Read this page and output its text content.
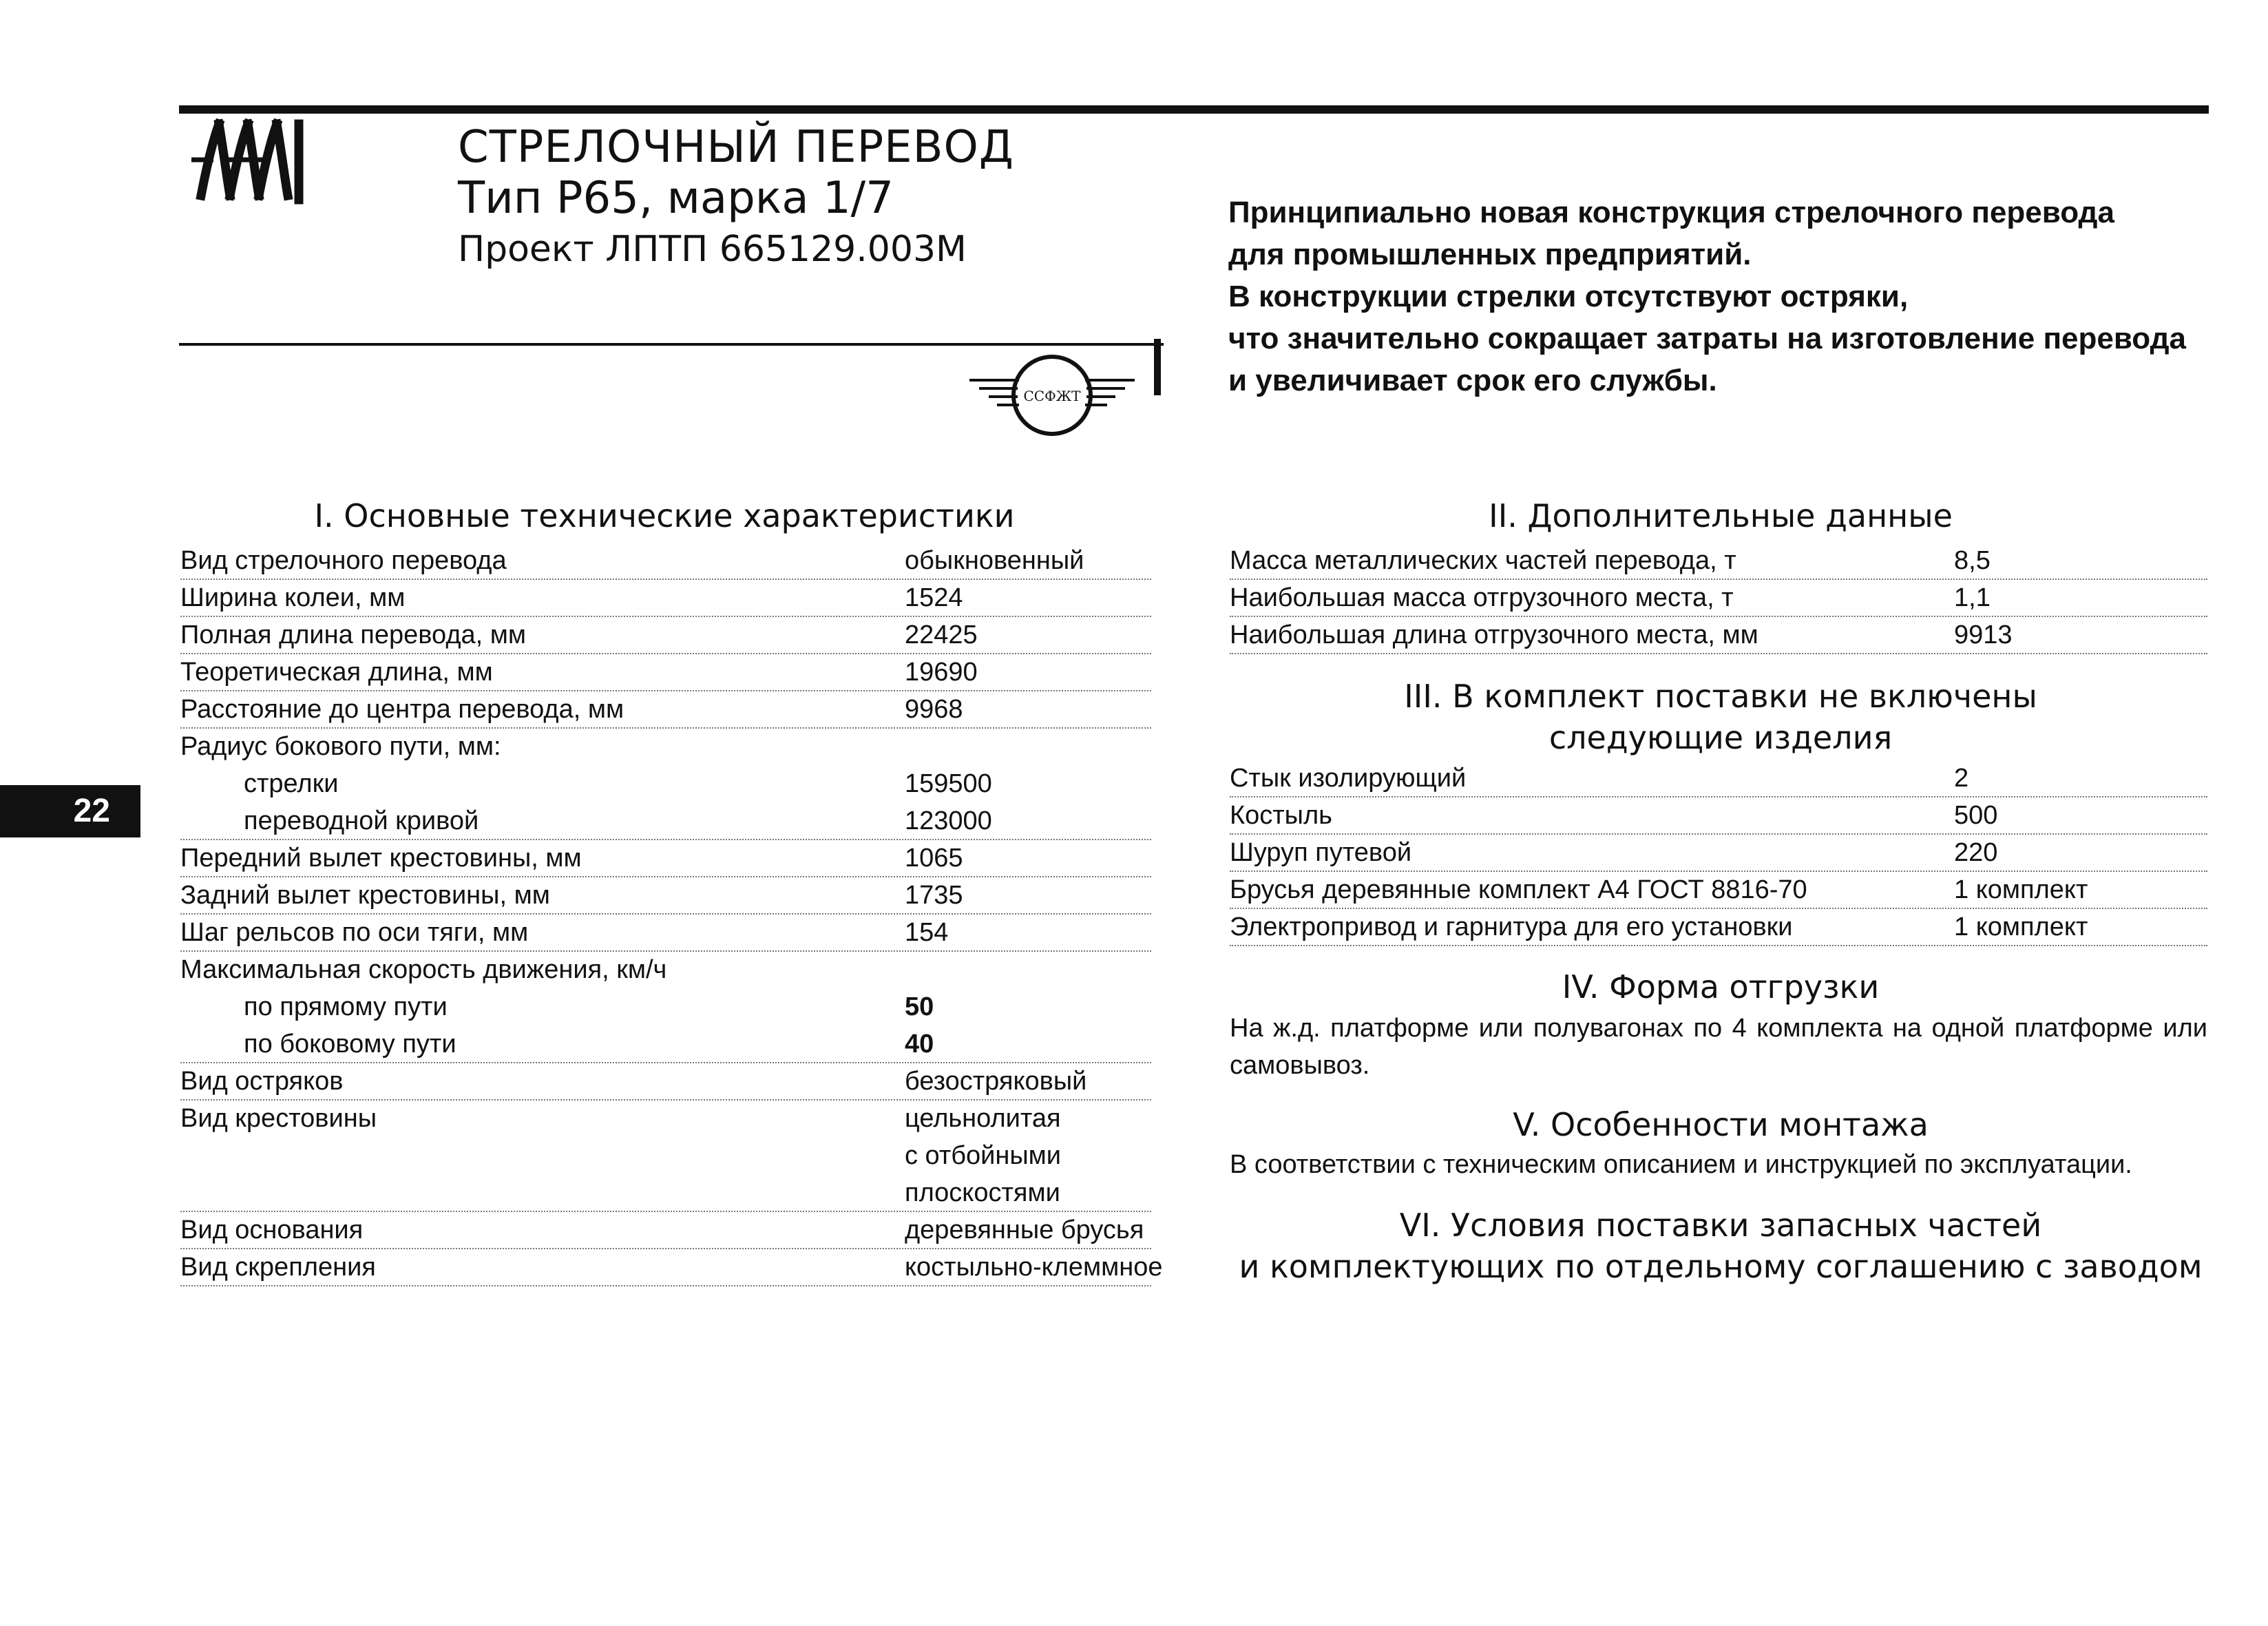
СТРЕЛОЧНЫЙ ПЕРЕВОД
Тип Р65, марка 1/7
Проект ЛПТП 665129.003М
ССФЖТ
Принципиально новая конструкция стрелочного перевода
для промышленных предприятий.
В конструкции стрелки отсутствуют остряки,
что значительно сокращает затраты на изготовление перевода
и увеличивает срок его службы.
22
I. Основные технические характеристики
Вид стрелочного перевода	обыкновенный
Ширина колеи, мм	1524
Полная длина перевода, мм	22425
Теоретическая длина, мм	19690
Расстояние до центра перевода, мм	9968
Радиус бокового пути, мм:
стрелки	159500
переводной кривой	123000
Передний вылет крестовины, мм	1065
Задний вылет крестовины, мм	1735
Шаг рельсов по оси тяги, мм	154
Максимальная скорость движения, км/ч
по прямому пути	50
по боковому пути	40
Вид остряков	безостряковый
Вид крестовины	цельнолитая
с отбойными
плоскостями
Вид основания	деревянные брусья
Вид скрепления	костыльно-клеммное
II. Дополнительные данные
Масса металлических частей перевода, т	8,5
Наибольшая масса отгрузочного места, т	1,1
Наибольшая длина отгрузочного места, мм	9913
III. В комплект поставки не включены
следующие изделия
Стык изолирующий	2
Костыль	500
Шуруп путевой	220
Брусья деревянные комплект А4 ГОСТ 8816-70	1 комплект
Электропривод и гарнитура для его установки	1 комплект
IV. Форма отгрузки
На ж.д. платформе или полувагонах по 4 комплекта на одной платформе или самовывоз.
V. Особенности монтажа
В соответствии с техническим описанием и инструкцией по эксплуатации.
VI. Условия поставки запасных частей
и комплектующих по отдельному соглашению с заводом
